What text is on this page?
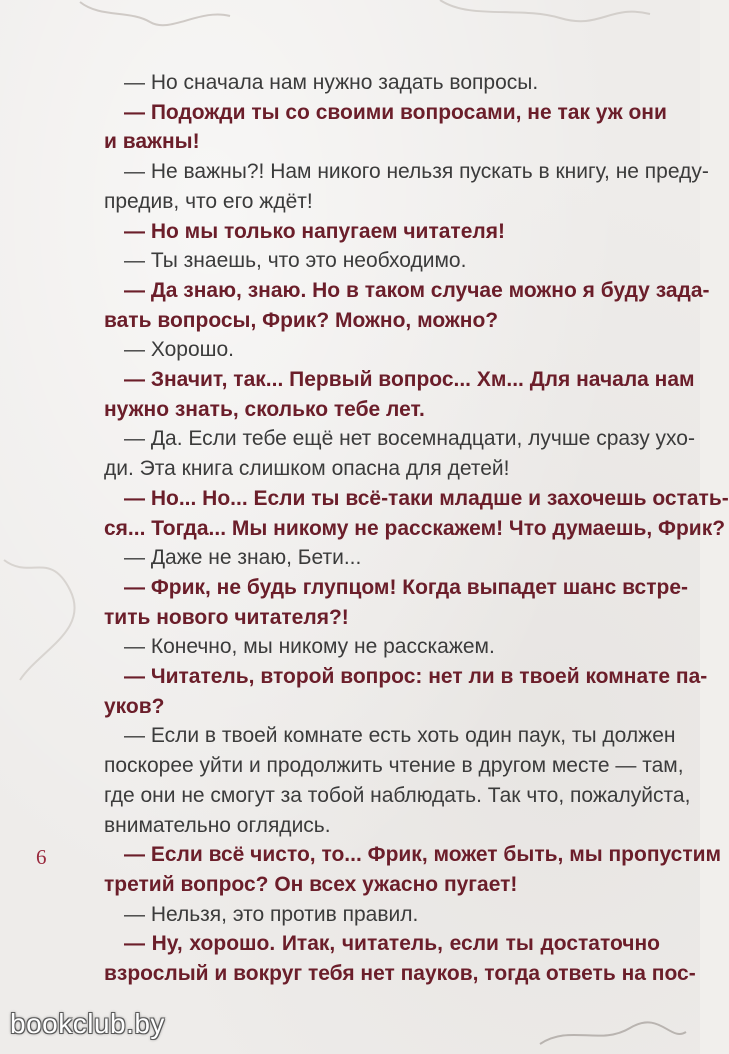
— Но сначала нам нужно задать вопросы.
— Подожди ты со своими вопросами, не так уж они
и важны!
— Не важны?! Нам никого нельзя пускать в книгу, не преду-
предив, что его ждёт!
— Но мы только напугаем читателя!
— Ты знаешь, что это необходимо.
— Да знаю, знаю. Но в таком случае можно я буду зада-
вать вопросы, Фрик? Можно, можно?
— Хорошо.
— Значит, так... Первый вопрос... Хм... Для начала нам
нужно знать, сколько тебе лет.
— Да. Если тебе ещё нет восемнадцати, лучше сразу ухо-
ди. Эта книга слишком опасна для детей!
— Но... Но... Если ты всё-таки младше и захочешь остать-
ся... Тогда... Мы никому не расскажем! Что думаешь, Фрик?
— Даже не знаю, Бети...
— Фрик, не будь глупцом! Когда выпадет шанс встре-
тить нового читателя?!
— Конечно, мы никому не расскажем.
— Читатель, второй вопрос: нет ли в твоей комнате па-
уков?
— Если в твоей комнате есть хоть один паук, ты должен
поскорее уйти и продолжить чтение в другом месте — там,
где они не смогут за тобой наблюдать. Так что, пожалуйста,
внимательно оглядись.
— Если всё чисто, то... Фрик, может быть, мы пропустим
третий вопрос? Он всех ужасно пугает!
— Нельзя, это против правил.
— Ну, хорошо. Итак, читатель, если ты достаточно
взрослый и вокруг тебя нет пауков, тогда ответь на пос-
6
bookclub.by
